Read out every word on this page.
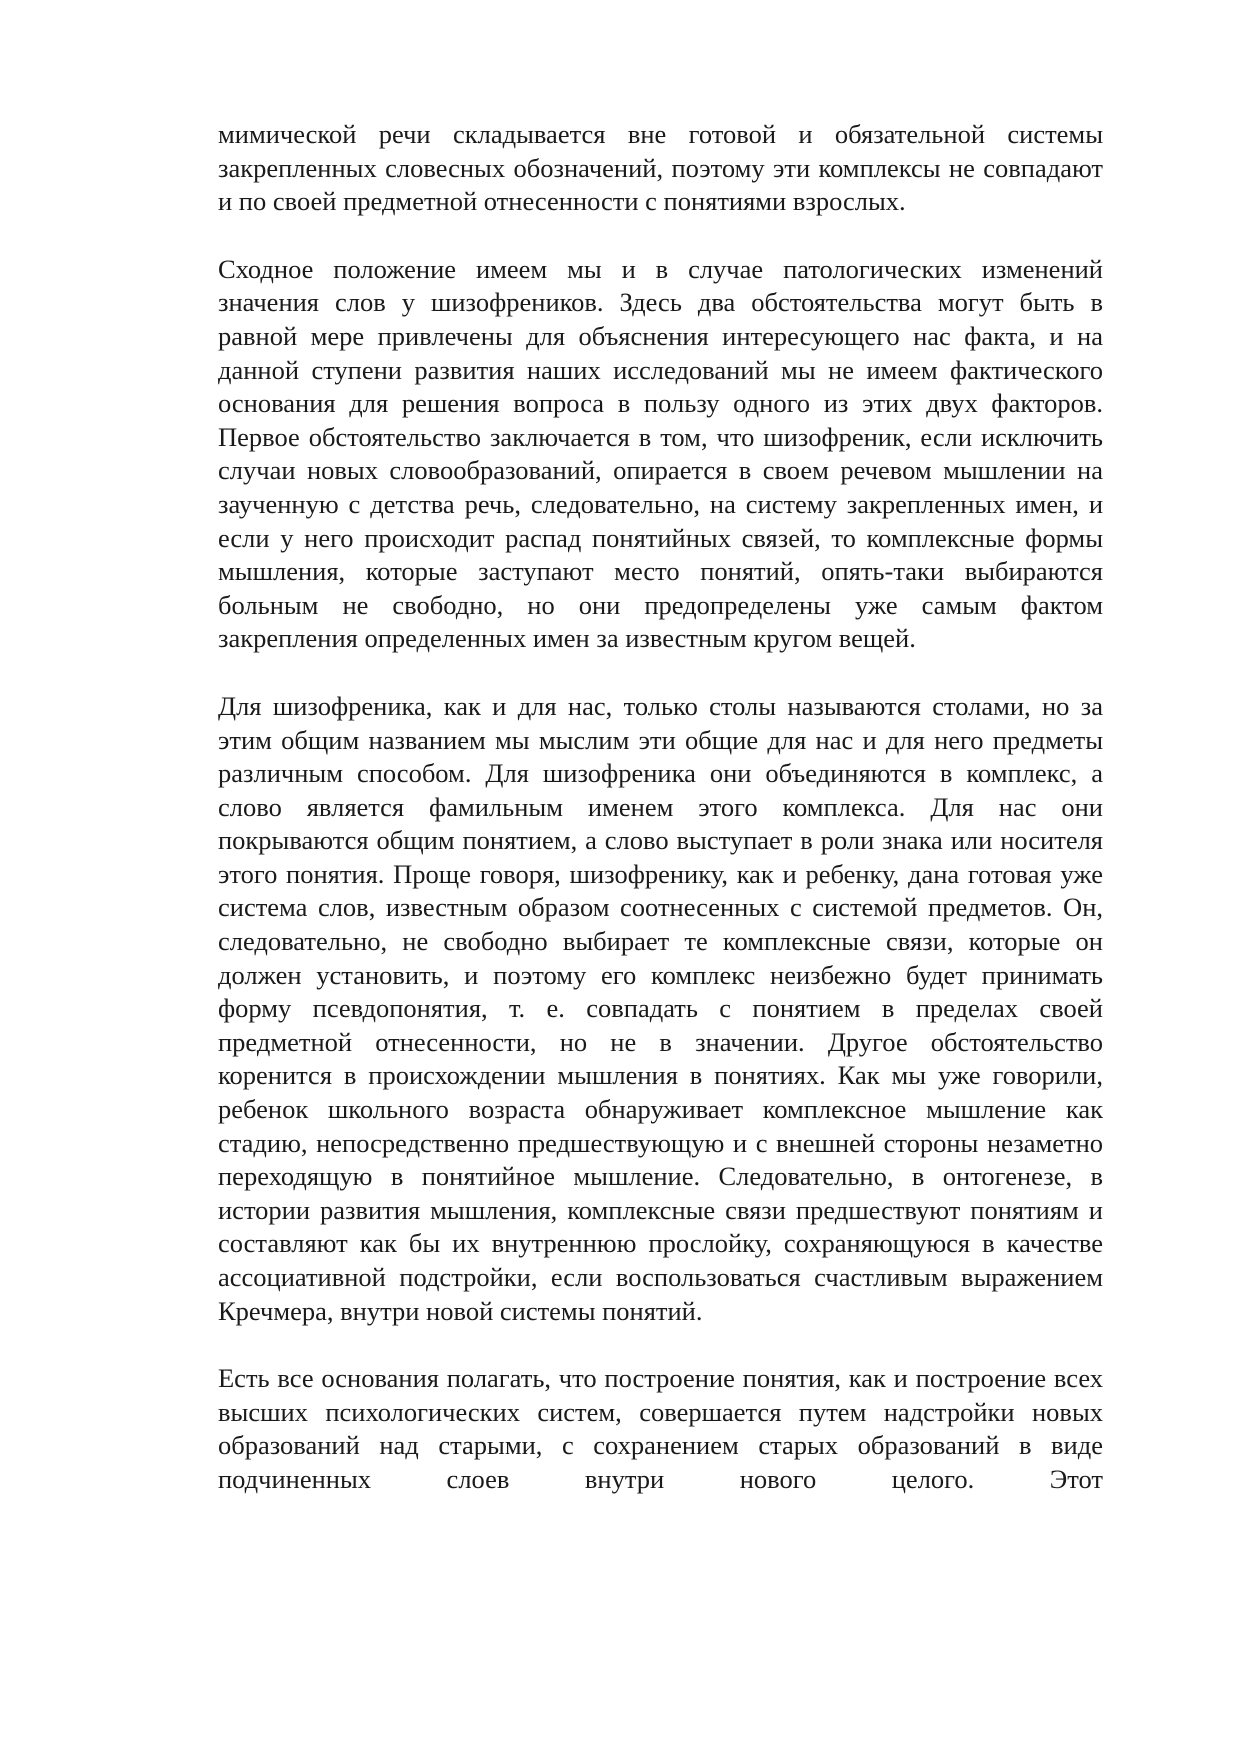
мимической речи складывается вне готовой и обязательной системы закрепленных словесных обозначений, поэтому эти комплексы не совпадают и по своей предметной отнесенности с понятиями взрослых.

Сходное положение имеем мы и в случае патологических изменений значения слов у шизофреников. Здесь два обстоятельства могут быть в равной мере привлечены для объяснения интересующего нас факта, и на данной ступени развития наших исследований мы не имеем фактического основания для решения вопроса в пользу одного из этих двух факторов. Первое обстоятельство заключается в том, что шизофреник, если исключить случаи новых словообразований, опирается в своем речевом мышлении на заученную с детства речь, следовательно, на систему закрепленных имен, и если у него происходит распад понятийных связей, то комплексные формы мышления, которые заступают место понятий, опять-таки выбираются больным не свободно, но они предопределены уже самым фактом закрепления определенных имен за известным кругом вещей.

Для шизофреника, как и для нас, только столы называются столами, но за этим общим названием мы мыслим эти общие для нас и для него предметы различным способом. Для шизофреника они объединяются в комплекс, а слово является фамильным именем этого комплекса. Для нас они покрываются общим понятием, а слово выступает в роли знака или носителя этого понятия. Проще говоря, шизофренику, как и ребенку, дана готовая уже система слов, известным образом соотнесенных с системой предметов. Он, следовательно, не свободно выбирает те комплексные связи, которые он должен установить, и поэтому его комплекс неизбежно будет принимать форму псевдопонятия, т. е. совпадать с понятием в пределах своей предметной отнесенности, но не в значении. Другое обстоятельство коренится в происхождении мышления в понятиях. Как мы уже говорили, ребенок школьного возраста обнаруживает комплексное мышление как стадию, непосредственно предшествующую и с внешней стороны незаметно переходящую в понятийное мышление. Следовательно, в онтогенезе, в истории развития мышления, комплексные связи предшествуют понятиям и составляют как бы их внутреннюю прослойку, сохраняющуюся в качестве ассоциативной подстройки, если воспользоваться счастливым выражением Кречмера, внутри новой системы понятий.

Есть все основания полагать, что построение понятия, как и построение всех высших психологических систем, совершается путем надстройки новых образований над старыми, с сохранением старых образований в виде подчиненных слоев внутри нового целого. Этот
